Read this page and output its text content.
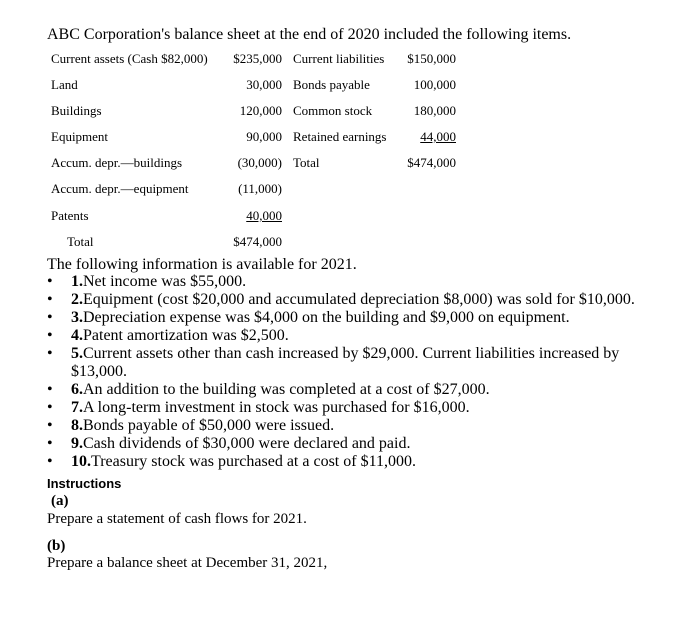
ABC Corporation's balance sheet at the end of 2020 included the following items.
Current assets (Cash $82,000)
Land
Buildings
Equipment
Accum. depr.—buildings
Accum. depr.—equipment
Patents
Total
$235,000
30,000
120,000
90,000
(30,000)
(11,000)
40,000
$474,000
Current liabilities
Bonds payable
Common stock
Retained earnings
Total
$150,000
100,000
180,000
44,000
$474,000
The following information is available for 2021.
• 1.Net income was $55,000.
• 2.Equipment (cost $20,000 and accumulated depreciation $8,000) was sold for $10,000.
• 3.Depreciation expense was $4,000 on the building and $9,000 on equipment.
• 4.Patent amortization was $2,500.
• 5.Current assets other than cash increased by $29,000. Current liabilities increased by $13,000.
• 6.An addition to the building was completed at a cost of $27,000.
• 7.A long-term investment in stock was purchased for $16,000.
• 8.Bonds payable of $50,000 were issued.
• 9.Cash dividends of $30,000 were declared and paid.
• 10.Treasury stock was purchased at a cost of $11,000.
Instructions
(a)
Prepare a statement of cash flows for 2021.
(b)
Prepare a balance sheet at December 31, 2021,
